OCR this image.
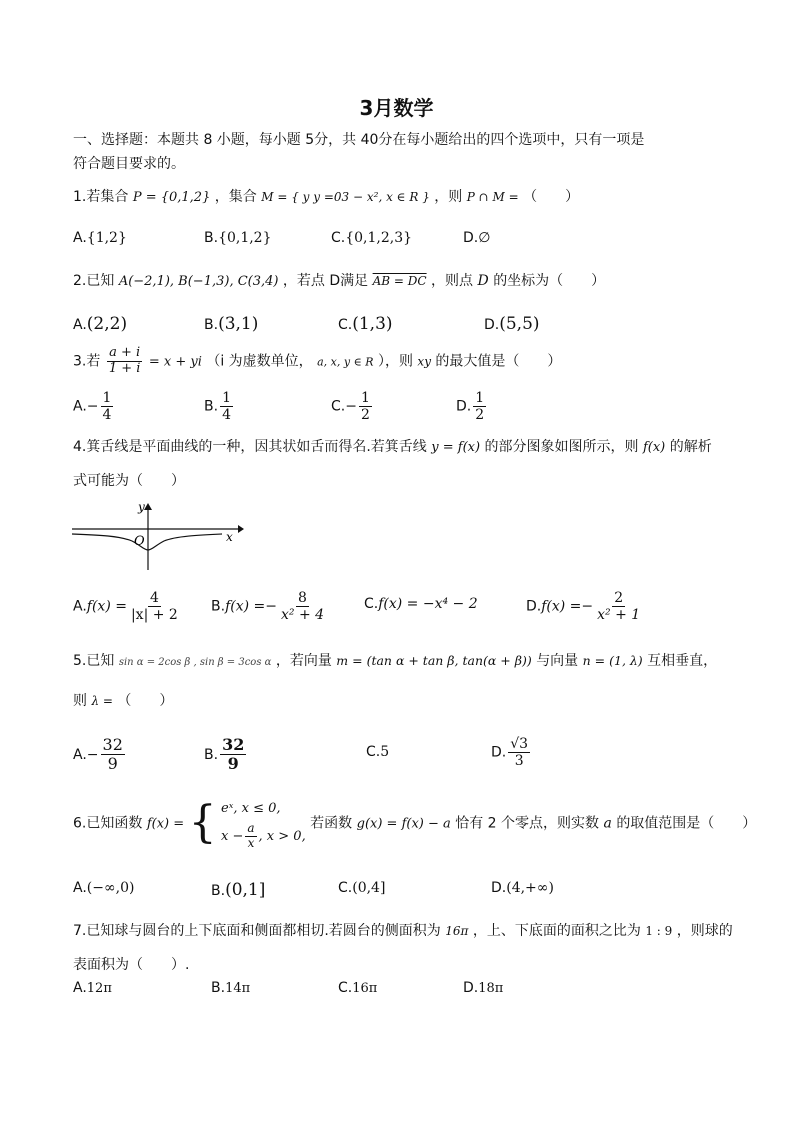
3月数学
一、选择题：本题共 8 小题，每小题 5分，共 40分在每小题给出的四个选项中，只有一项是
符合题目要求的。
1.若集合 P = {0,1,2} ，集合 M = { y y =03 − x², x ∈ R } ，则 P ∩ M = （　　）
A.{1,2}	B.{0,1,2}	C.{0,1,2,3}	D.∅
2.已知 A(−2,1), B(−1,3), C(3,4) ，若点 D满足 AB = DC ，则点 D 的坐标为（　　）
A.(2,2)	B.(3,1)	C.(1,3)	D.(5,5)
3.若 $\frac{a + i}{1 + i} = x$ + yi （i 为虚数单位， a, x, y ∈ R ），则 xy 的最大值是（　　）
$A.- \frac{1}{4}$	B. $\frac{1}{4}$	$C.- \frac{1}{2}$	D. $\frac{1}{2}$
4.箕舌线是平面曲线的一种，因其状如舌而得名.若箕舌线 y = f(x) 的部分图象如图所示，则 f(x) 的解析
式可能为（　　）
y
x
O
$A.f(x) = \frac{4}{|x| + 2} B.f(x) =- \frac{8}{\text{x² + 4}}$	C.f(x) = −x⁴ − 2	$D.f(x) =- \frac{2}{\text{x² + 1}}$
5.已知 sin α = 2cos β , sin β = 3cos α ，若向量 m = (tan α + tan β, tan(α + β)) 与向量 n = (1, λ) 互相垂直，
则 λ = （　　）
$A.- \frac{32}{9}$	B. $\frac{32}{9}$	C.5	D. $\frac{√3}{3}$
6.已知函数 f(x) = { eˣ, x ≤ 0,
$x - \frac{a}{x}$ , x > 0,
若函数 g(x) = f(x) − a 恰有 2 个零点，则实数 a 的取值范围是（　　）
A.(−∞,0)	B.(0,1]	C.(0,4]	D.(4,+∞)
7.已知球与圆台的上下底面和侧面都相切.若圆台的侧面积为 16π ，上、下底面的面积之比为 1 : 9 ，则球的
表面积为（　　）.
A.12π	B.14π	C.16π	D.18π
